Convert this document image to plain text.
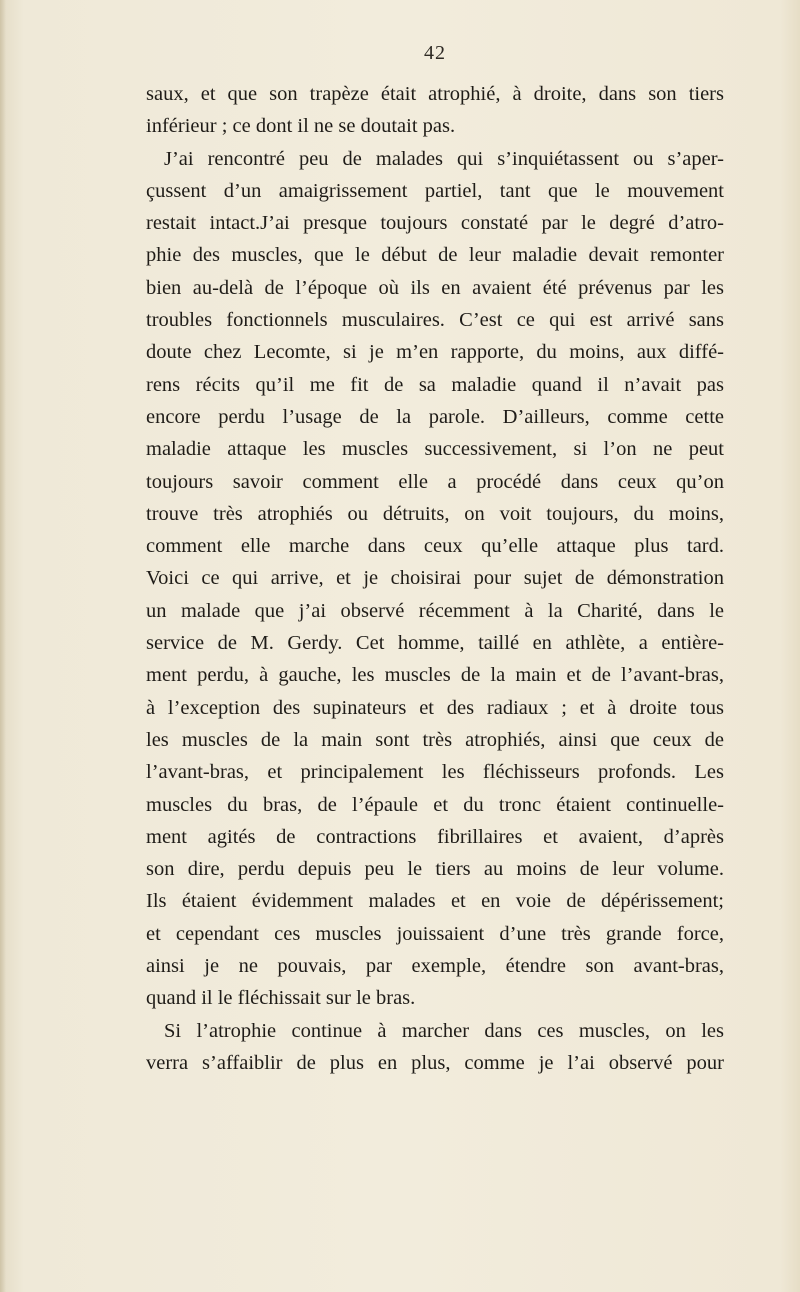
42
saux, et que son trapèze était atrophié, à droite, dans son tiers
inférieur ; ce dont il ne se doutait pas.
J’ai rencontré peu de malades qui s’inquiétassent ou s’aper-
çussent d’un amaigrissement partiel, tant que le mouvement
restait intact.J’ai presque toujours constaté par le degré d’atro-
phie des muscles, que le début de leur maladie devait remonter
bien au-delà de l’époque où ils en avaient été prévenus par les
troubles fonctionnels musculaires. C’est ce qui est arrivé sans
doute chez Lecomte, si je m’en rapporte, du moins, aux diffé-
rens récits qu’il me fit de sa maladie quand il n’avait pas
encore perdu l’usage de la parole. D’ailleurs, comme cette
maladie attaque les muscles successivement, si l’on ne peut
toujours savoir comment elle a procédé dans ceux qu’on
trouve très atrophiés ou détruits, on voit toujours, du moins,
comment elle marche dans ceux qu’elle attaque plus tard.
Voici ce qui arrive, et je choisirai pour sujet de démonstration
un malade que j’ai observé récemment à la Charité, dans le
service de M. Gerdy. Cet homme, taillé en athlète, a entière-
ment perdu, à gauche, les muscles de la main et de l’avant-bras,
à l’exception des supinateurs et des radiaux ; et à droite tous
les muscles de la main sont très atrophiés, ainsi que ceux de
l’avant-bras, et principalement les fléchisseurs profonds. Les
muscles du bras, de l’épaule et du tronc étaient continuelle-
ment agités de contractions fibrillaires et avaient, d’après
son dire, perdu depuis peu le tiers au moins de leur volume.
Ils étaient évidemment malades et en voie de dépérissement;
et cependant ces muscles jouissaient d’une très grande force,
ainsi je ne pouvais, par exemple, étendre son avant-bras,
quand il le fléchissait sur le bras.
Si l’atrophie continue à marcher dans ces muscles, on les
verra s’affaiblir de plus en plus, comme je l’ai observé pour
